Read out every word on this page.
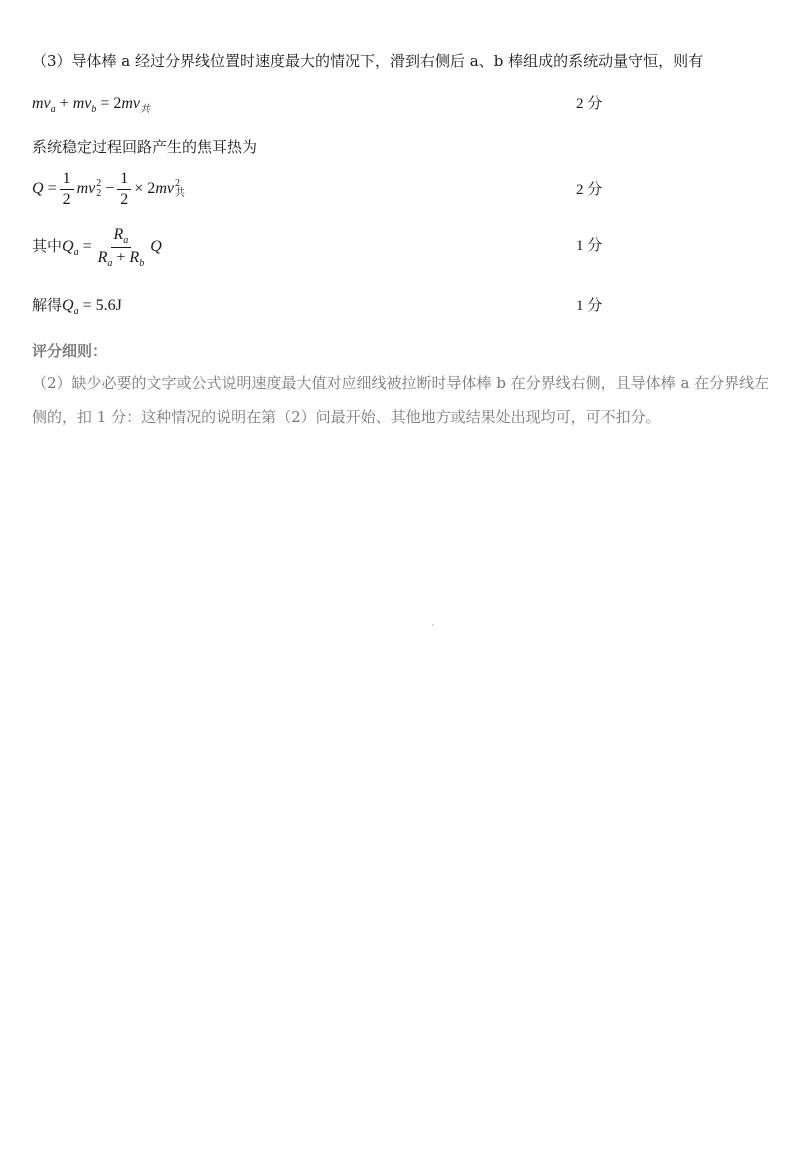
（3）导体棒 a 经过分界线位置时速度最大的情况下，滑到右侧后 a、b 棒组成的系统动量守恒，则有
$mv_a + mv_b = 2mv_共$	2 分
系统稳定过程回路产生的焦耳热为
$Q = \frac{1}{2}$ mv 2
$2 - \frac{1}{2} \times 2mv$ 2
共	2 分
其中$Q_a = \frac{R_a}{R_a + R_b}$ Q	1 分
解得$Q_a = 5.6J$	1 分
评分细则：
（2）缺少必要的文字或公式说明速度最大值对应细线被拉断时导体棒 b 在分界线右侧，且导体棒 a 在分界线左侧的，扣 1 分：这种情况的说明在第（2）问最开始、其他地方或结果处出现均可，可不扣分。
